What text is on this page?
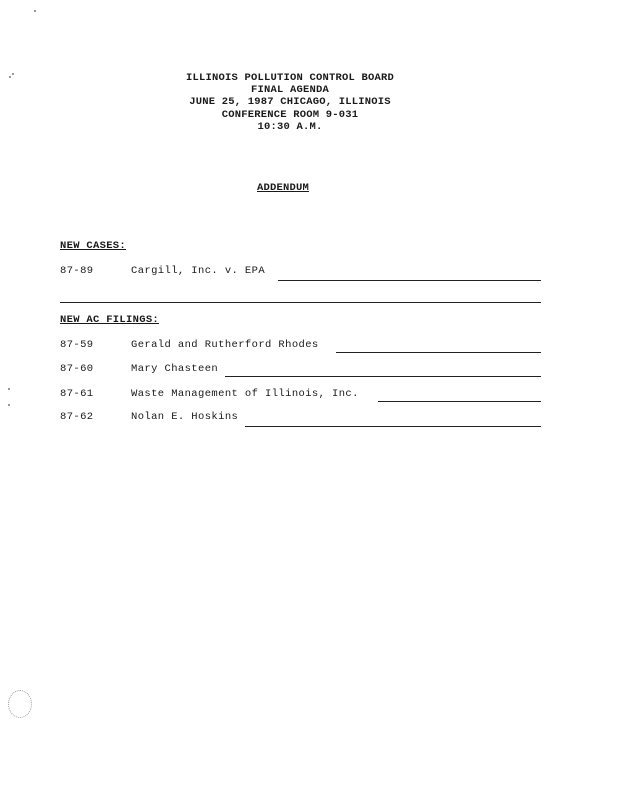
ILLINOIS POLLUTION CONTROL BOARD
FINAL AGENDA
JUNE 25, 1987 CHICAGO, ILLINOIS
CONFERENCE ROOM 9-031
10:30 A.M.
ADDENDUM
NEW CASES:
87-89	Cargill, Inc. v. EPA
NEW AC FILINGS:
87-59	Gerald and Rutherford Rhodes
87-60	Mary Chasteen
87-61	Waste Management of Illinois, Inc.
87-62	Nolan E. Hoskins
